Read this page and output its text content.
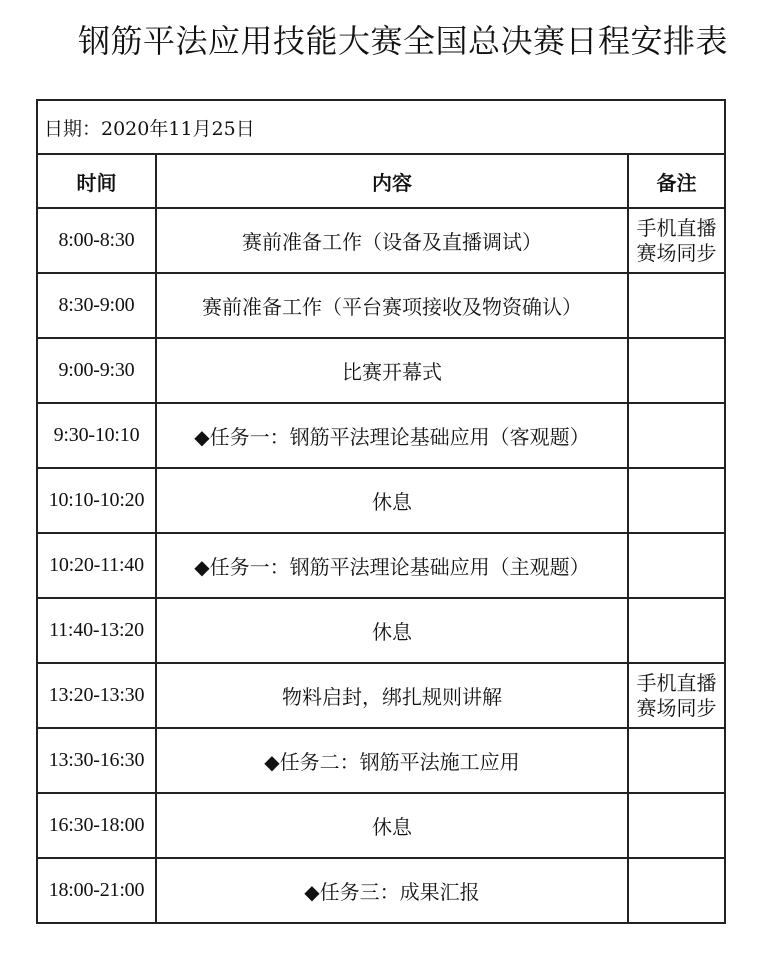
钢筋平法应用技能大赛全国总决赛日程安排表
日期：2020年11月25日		
时间	内容	备注
8:00-8:30	赛前准备工作（设备及直播调试）	手机直播赛场同步
8:30-9:00	赛前准备工作（平台赛项接收及物资确认）	
9:00-9:30	比赛开幕式	
9:30-10:10	◆任务一：钢筋平法理论基础应用（客观题）	
10:10-10:20	休息	
10:20-11:40	◆任务一：钢筋平法理论基础应用（主观题）	
11:40-13:20	休息	
13:20-13:30	物料启封，绑扎规则讲解	手机直播赛场同步
13:30-16:30	◆任务二：钢筋平法施工应用	
16:30-18:00	休息	
18:00-21:00	◆任务三：成果汇报	
